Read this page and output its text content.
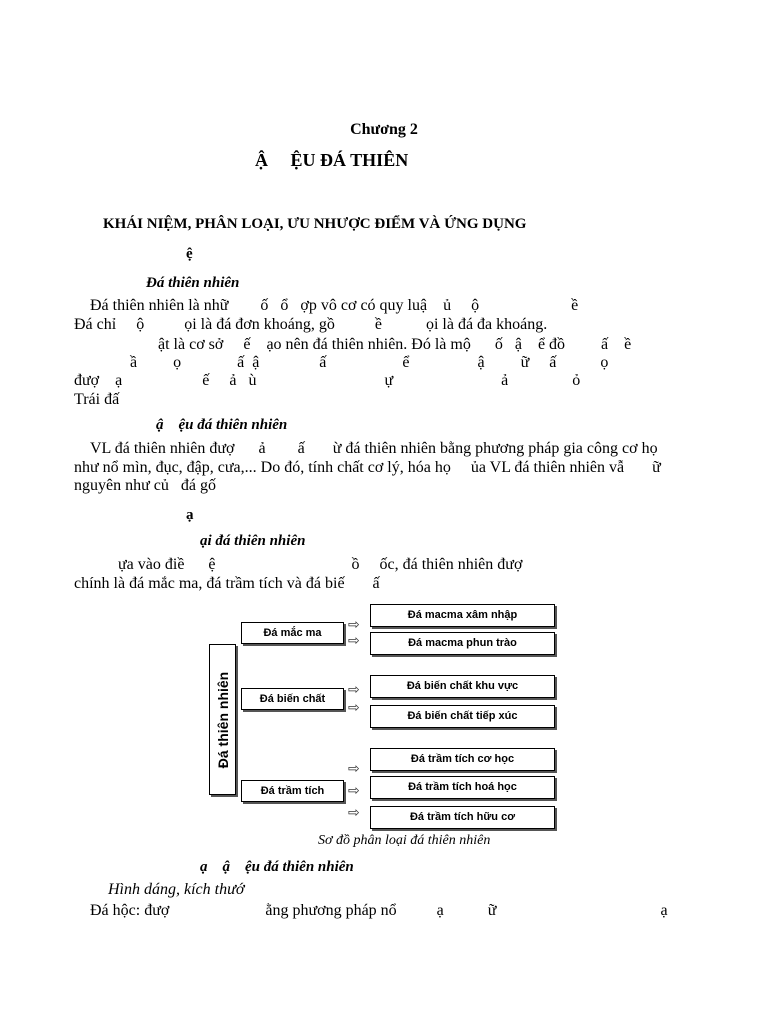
Chương 2
Ậ     ỆU ĐÁ THIÊN
KHÁI NIỆM, PHÂN LOẠI, ƯU NHƯỢC ĐIỂM VÀ ỨNG DỤNG
ệ
Đá thiên nhiên
Đá thiên nhiên là nhữ        ố   ổ   ợp vô cơ có quy luậ    ủ     ộ                       ề
Đá chỉ     ộ          ọi là đá đơn khoáng, gồ          ề           ọi là đá đa khoáng.
ật là cơ sở     ế    ạo nên đá thiên nhiên. Đó là mộ      ố   ậ    ể đồ         ấ    ề
ầ         ọ              ấ  ậ               ấ                   ể                 ậ         ữ     ấ           ọ
đượ    ạ                    ế     ả   ù                                ự                           ả                ỏ
Trái đấ
ậ    ệu đá thiên nhiên
VL đá thiên nhiên đượ      ả        ấ       ừ đá thiên nhiên bằng phương pháp gia công cơ họ
như nổ mìn, đục, đập, cưa,... Do đó, tính chất cơ lý, hóa họ     ủa VL đá thiên nhiên vẫ       ữ
nguyên như củ   đá gố
ạ
ại đá thiên nhiên
ựa vào điề      ệ                                  ồ     ốc, đá thiên nhiên đượ
chính là đá mắc ma, đá trầm tích và đá biế       ấ
Đá thiên nhiên
Đá mắc ma
Đá biến chất
Đá trầm tích
⇨
⇨
⇨
⇨
⇨
⇨
⇨
Đá macma xâm nhập
Đá macma phun trào
Đá biến chất khu vực
Đá biến chất tiếp xúc
Đá trầm tích cơ học
Đá trầm tích hoá học
Đá trầm tích hữu cơ
Sơ đồ phân loại đá thiên nhiên
ạ    ậ    ệu đá thiên nhiên
Hình dáng, kích thướ
Đá hộc: đượ                        ằng phương pháp nổ          ạ           ữ                                         ạ
